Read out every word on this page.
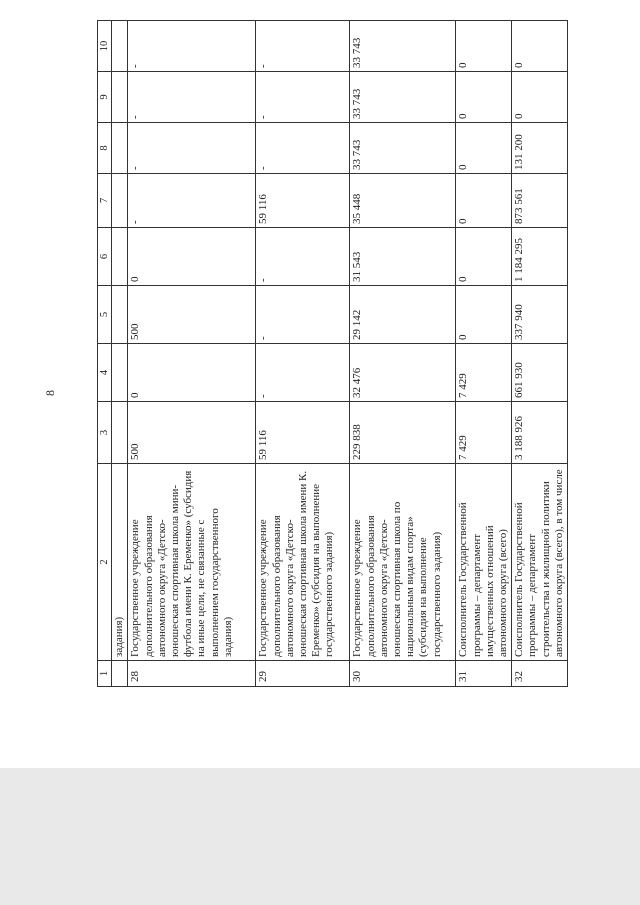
8
1	2	3	4	5	6	7	8	9	10
	задания)								
28	Государственное учреждение дополнительного образования автономного округа «Детско-юношеская спортивная школа мини-футбола имени К. Еременко» (субсидия на иные цели, не связанные с выполнением государственного задания)	500	0	500	0	-	-	-	-
29	Государственное учреждение дополнительного образования автономного округа «Детско-юношеская спортивная школа имени К. Еременко» (субсидия на выполнение государственного задания)	59 116	-	-	-	59 116	-	-	-
30	Государственное учреждение дополнительного образования автономного округа «Детско-юношеская спортивная школа по национальным видам спорта» (субсидия на выполнение государственного задания)	229 838	32 476	29 142	31 543	35 448	33 743	33 743	33 743
31	Соисполнитель Государственной программы – департамент имущественных отношений автономного округа (всего)	7 429	7 429	0	0	0	0	0	0
32	Соисполнитель Государственной программы – департамент строительства и жилищной политики автономного округа (всего), в том числе	3 188 926	661 930	337 940	1 184 295	873 561	131 200	0	0
